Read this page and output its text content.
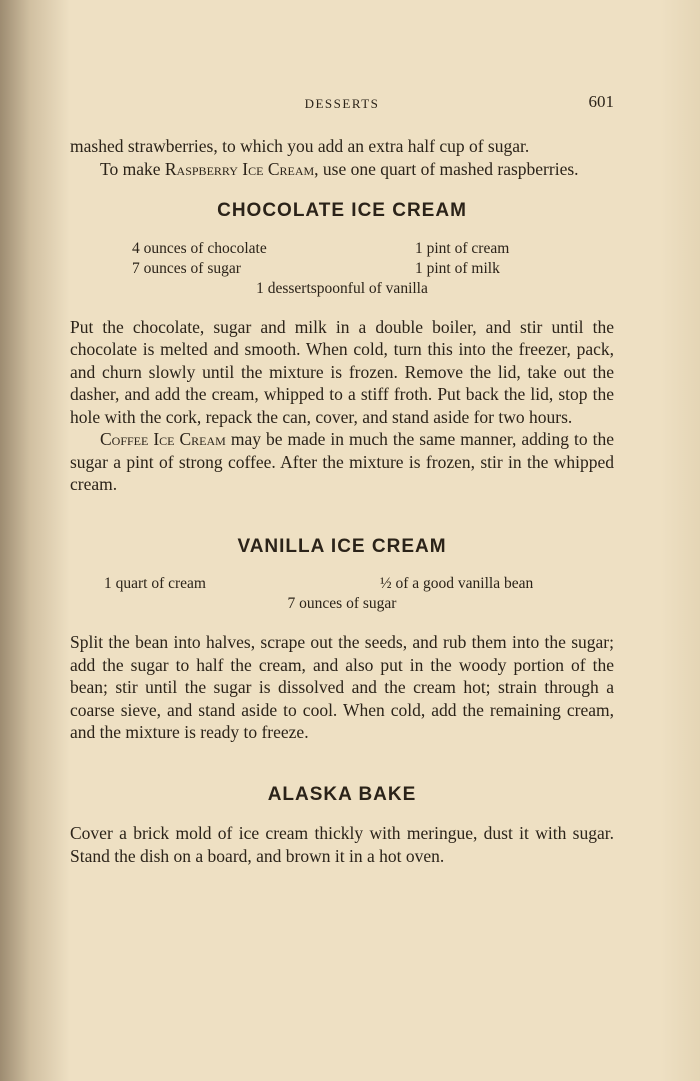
DESSERTS	601

mashed strawberries, to which you add an extra half cup of sugar.

To make Raspberry Ice Cream, use one quart of mashed raspberries.

CHOCOLATE ICE CREAM
4 ounces of chocolate	1 pint of cream
7 ounces of sugar	1 pint of milk
1 dessertspoonful of vanilla

Put the chocolate, sugar and milk in a double boiler, and stir until the chocolate is melted and smooth. When cold, turn this into the freezer, pack, and churn slowly until the mixture is frozen. Remove the lid, take out the dasher, and add the cream, whipped to a stiff froth. Put back the lid, stop the hole with the cork, repack the can, cover, and stand aside for two hours.

Coffee Ice Cream may be made in much the same manner, adding to the sugar a pint of strong coffee. After the mixture is frozen, stir in the whipped cream.

VANILLA ICE CREAM
1 quart of cream	½ of a good vanilla bean
7 ounces of sugar

Split the bean into halves, scrape out the seeds, and rub them into the sugar; add the sugar to half the cream, and also put in the woody portion of the bean; stir until the sugar is dissolved and the cream hot; strain through a coarse sieve, and stand aside to cool. When cold, add the remaining cream, and the mixture is ready to freeze.

ALASKA BAKE

Cover a brick mold of ice cream thickly with meringue, dust it with sugar. Stand the dish on a board, and brown it in a hot oven.
